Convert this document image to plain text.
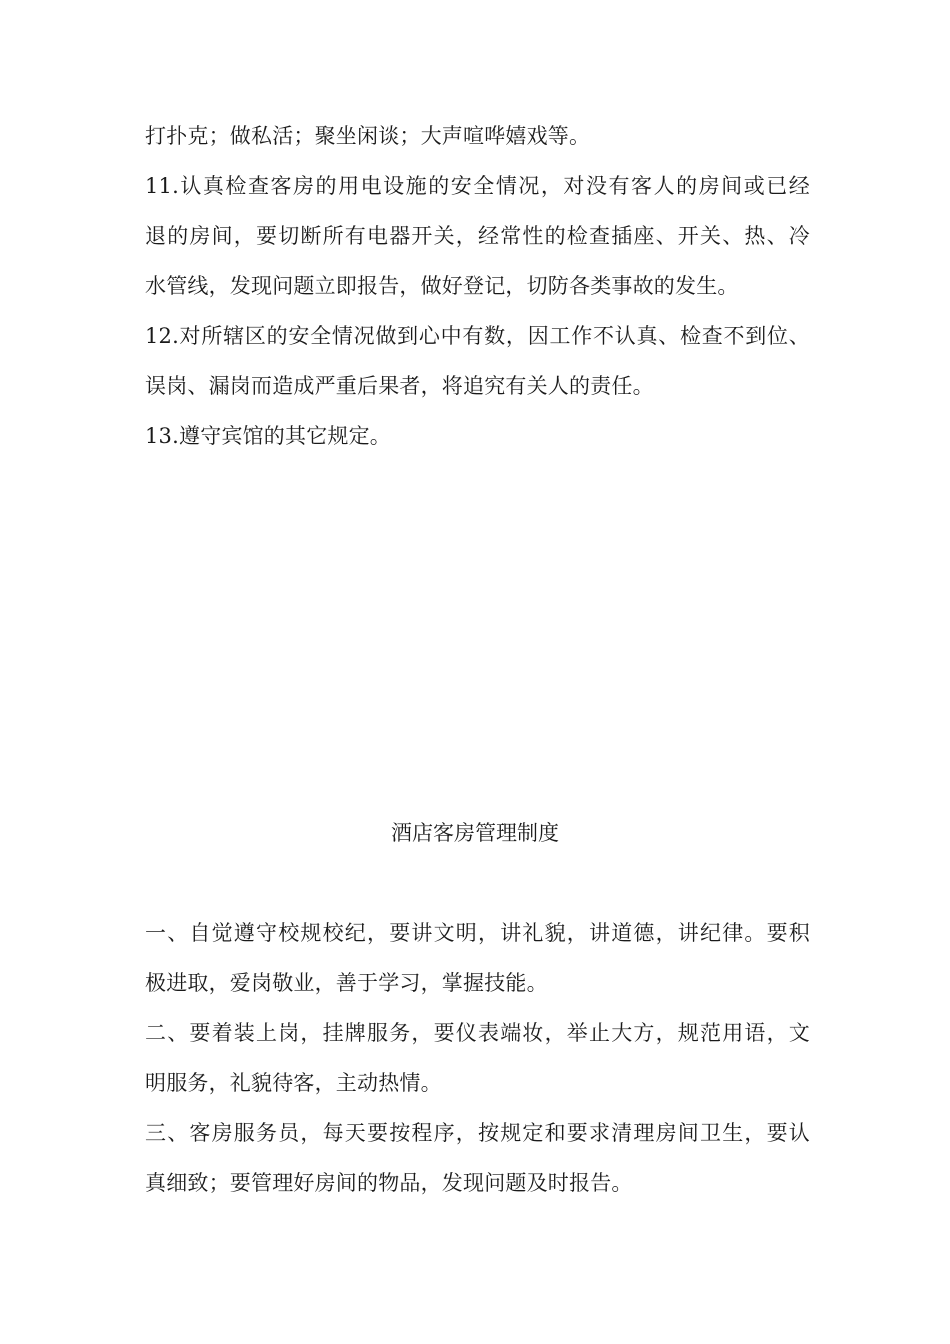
打扑克；做私活；聚坐闲谈；大声喧哗嬉戏等。

11.认真检查客房的用电设施的安全情况，对没有客人的房间或已经

退的房间，要切断所有电器开关，经常性的检查插座、开关、热、冷

水管线，发现问题立即报告，做好登记，切防各类事故的发生。

12.对所辖区的安全情况做到心中有数，因工作不认真、检查不到位、

误岗、漏岗而造成严重后果者，将追究有关人的责任。

13.遵守宾馆的其它规定。

酒店客房管理制度

一、自觉遵守校规校纪，要讲文明，讲礼貌，讲道德，讲纪律。要积

极进取，爱岗敬业，善于学习，掌握技能。

二、要着装上岗，挂牌服务，要仪表端妆，举止大方，规范用语，文

明服务，礼貌待客，主动热情。

三、客房服务员，每天要按程序，按规定和要求清理房间卫生，要认

真细致；要管理好房间的物品，发现问题及时报告。
